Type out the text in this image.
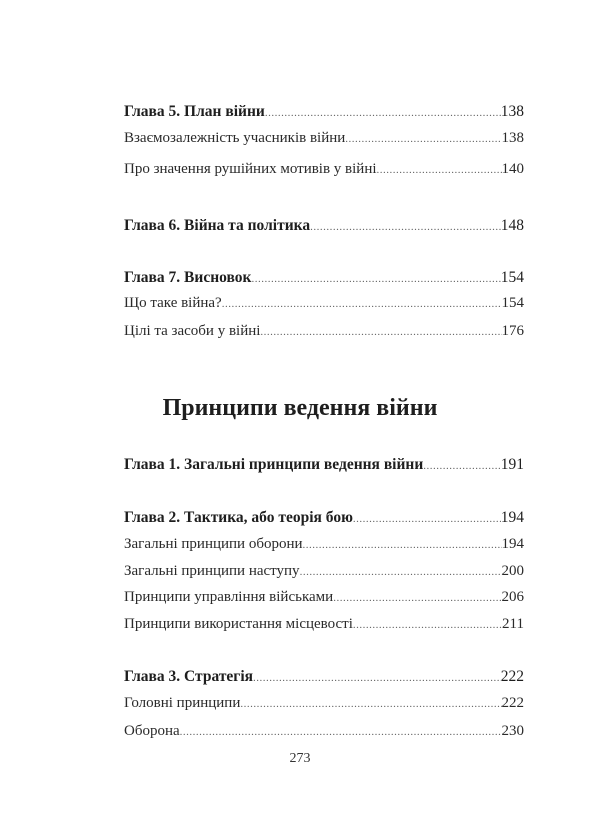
Глава 5. План війни .....	138
Взаємозалежність учасників війни .....	138
Про значення рушійних мотивів у війні .....	140
Глава 6. Війна та політика .....	148
Глава 7. Висновок .....	154
Що таке війна? .....	154
Цілі та засоби у війні .....	176
Принципи ведення війни
Глава 1. Загальні принципи ведення війни .....	191
Глава 2. Тактика, або теорія бою .....	194
Загальні принципи оборони .....	194
Загальні принципи наступу .....	200
Принципи управління військами .....	206
Принципи використання місцевості .....	211
Глава 3. Стратегія .....	222
Головні принципи .....	222
Оборона .....	230
273
